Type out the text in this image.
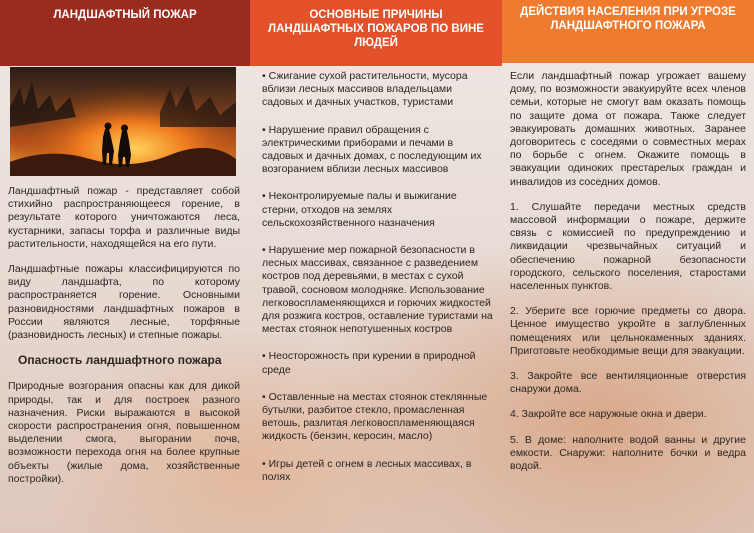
ЛАНДШАФТНЫЙ ПОЖАР	ОСНОВНЫЕ ПРИЧИНЫ ЛАНДШАФТНЫХ ПОЖАРОВ ПО ВИНЕ ЛЮДЕЙ
ДЕЙСТВИЯ НАСЕЛЕНИЯ ПРИ УГРОЗЕ ЛАНДШАФТНОГО ПОЖАРА

Ландшафтный пожар - представляет собой стихийно распространяющееся горение, в результате которого уничтожаются леса, кустарники, запасы торфа и различные виды растительности, находящейся на его пути.

Ландшафтные пожары классифицируются по виду ландшафта, по которому распространяется горение. Основными разновидностями ландшафтных пожаров в России являются лесные, торфяные (разновидность лесных) и степные пожары.

Опасность ландшафтного пожара

Природные возгорания опасны как для дикой природы, так и для построек разного назначения. Риски выражаются в высокой скорости распространения огня, повышенном выделении смога, выгорании почв, возможности перехода огня на более крупные объекты (жилые дома, хозяйственные постройки).

• Сжигание сухой растительности, мусора вблизи лесных массивов владельцами садовых и дачных участков, туристами

• Нарушение правил обращения с электрическими приборами и печами в садовых и дачных домах, с последующим их возгоранием вблизи лесных массивов

• Неконтролируемые палы и выжигание стерни, отходов на землях сельскохозяйственного назначения

• Нарушение мер пожарной безопасности в лесных массивах, связанное с разведением костров под деревьями, в местах с сухой травой, сосновом молодняке. Использование легковоспламеняющихся и горючих жидкостей для розжига костров, оставление туристами на местах стоянок непотушенных костров

• Неосторожность при курении в природной среде

• Оставленные на местах стоянок стеклянные бутылки, разбитое стекло, промасленная ветошь, разлитая легковоспламеняющаяся жидкость (бензин, керосин, масло)

• Игры детей с огнем в лесных массивах, в полях

Если ландшафтный пожар угрожает вашему дому, по возможности эвакуируйте всех членов семьи, которые не смогут вам оказать помощь по защите дома от пожара. Также следует эвакуировать домашних животных. Заранее договоритесь с соседями о совместных мерах по борьбе с огнем. Окажите помощь в эвакуации одиноких престарелых граждан и инвалидов из соседних домов.

1. Слушайте передачи местных средств массовой информации о пожаре, держите связь с комиссией по предупреждению и ликвидации чрезвычайных ситуаций и обеспечению пожарной безопасности городского, сельского поселения, старостами населенных пунктов.

2. Уберите все горючие предметы со двора. Ценное имущество укройте в заглубленных помещениях или цельнокаменных зданиях. Приготовьте необходимые вещи для эвакуации.

3. Закройте все вентиляционные отверстия снаружи дома.

4. Закройте все наружные окна и двери.

5. В доме: наполните водой ванны и другие емкости. Снаружи: наполните бочки и ведра водой.
